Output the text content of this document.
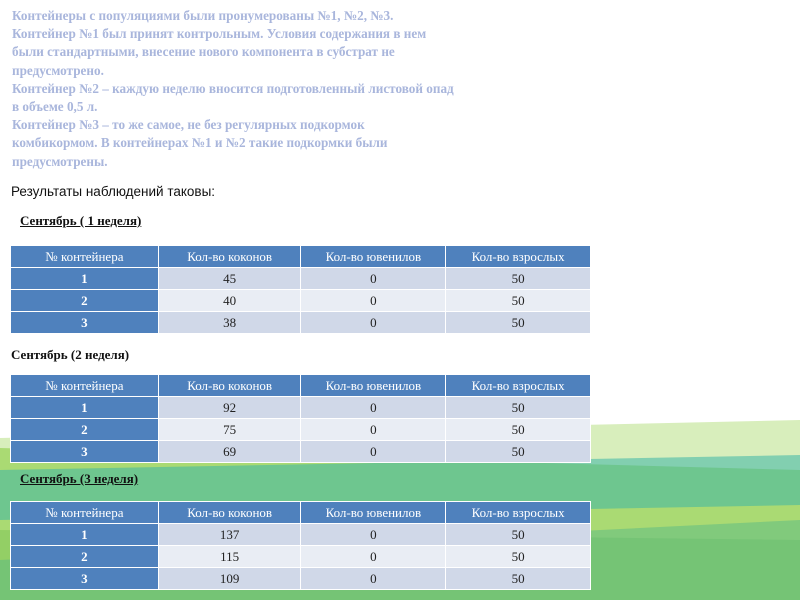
Контейнеры с популяциями были пронумерованы №1, №2, №3.

Контейнер №1 был принят контрольным. Условия содержания в нем

были стандартными, внесение нового компонента в субстрат не

предусмотрено.

Контейнер №2 – каждую неделю вносится подготовленный листовой опад

в объеме 0,5 л.

Контейнер №3 – то же самое, не без регулярных подкормок

комбикормом. В контейнерах №1 и №2 такие подкормки были

предусмотрены.

Результаты наблюдений таковы:
Сентябрь ( 1 неделя)
№ контейнера	Кол-во коконов	Кол-во ювенилов	Кол-во взрослых
1	45	0	50
2	40	0	50
3	38	0	50
Сентябрь (2 неделя)
№ контейнера	Кол-во коконов	Кол-во ювенилов	Кол-во взрослых
1	92	0	50
2	75	0	50
3	69	0	50
Сентябрь (3 неделя)
№ контейнера	Кол-во коконов	Кол-во ювенилов	Кол-во взрослых
1	137	0	50
2	115	0	50
3	109	0	50
